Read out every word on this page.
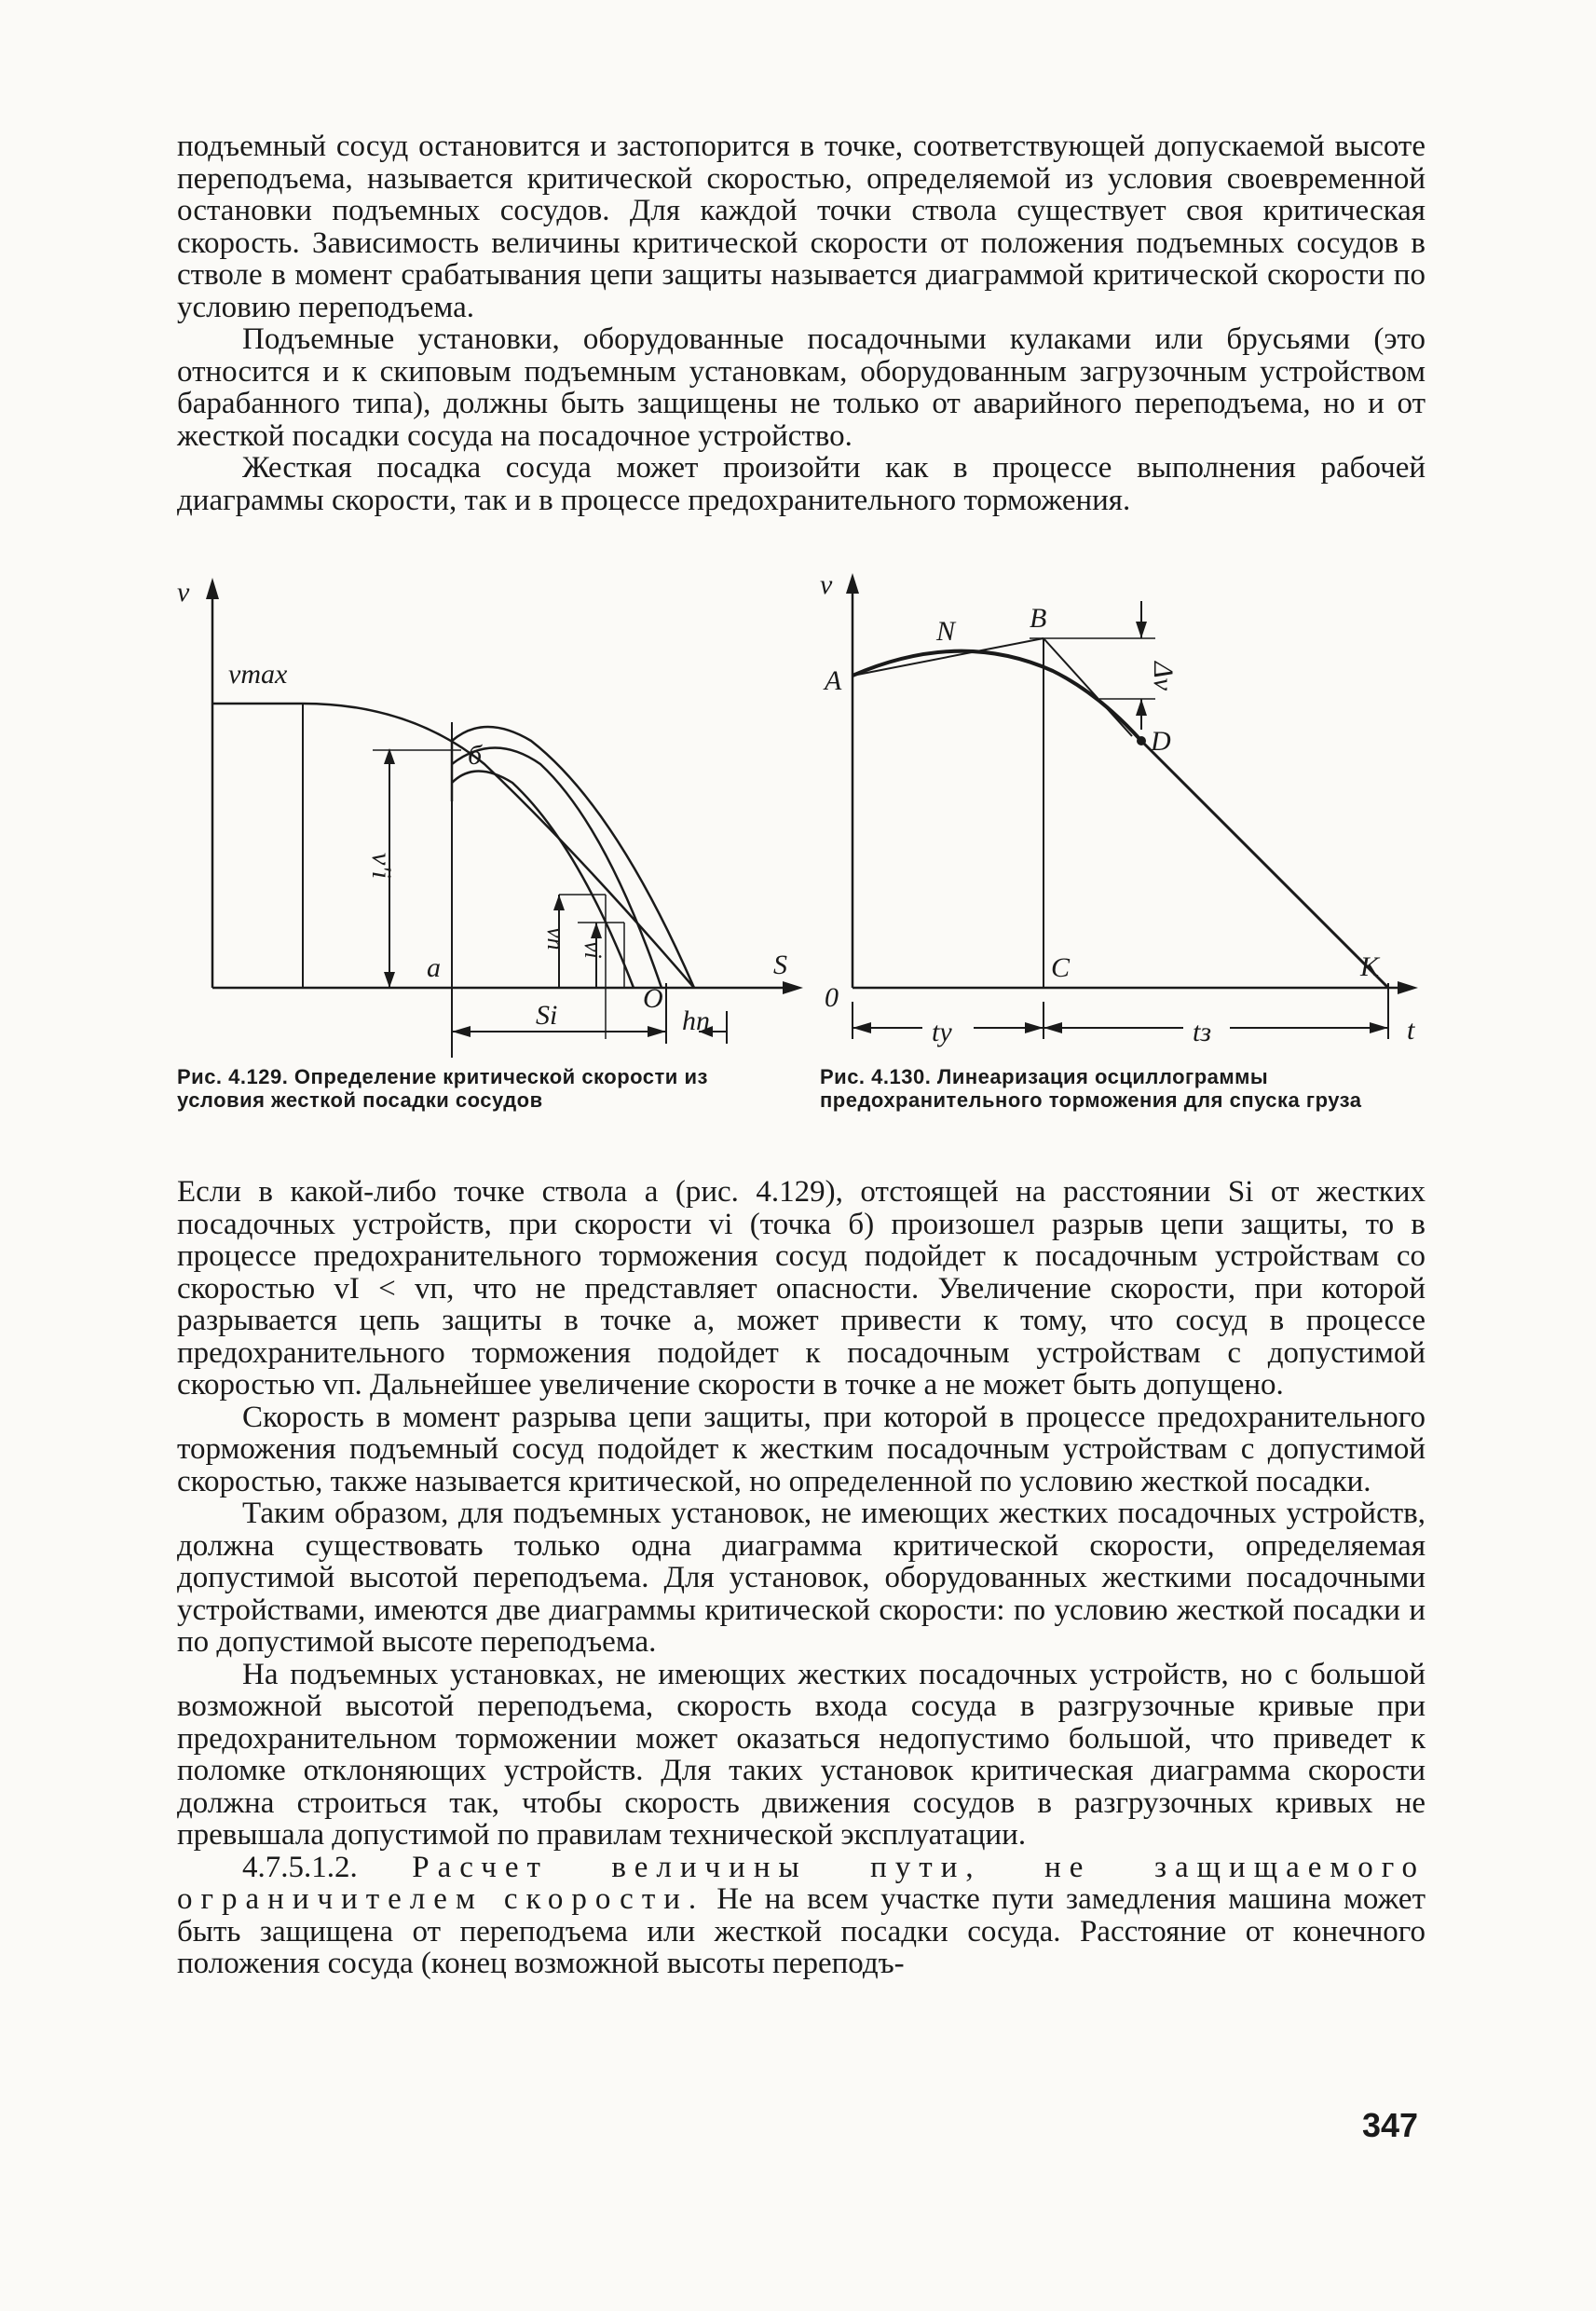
подъемный сосуд остановится и застопорится в точке, соответствующей допускаемой высоте переподъема, называется критической скоростью, определяемой из условия своевременной остановки подъемных сосудов. Для каждой точки ствола существует своя критическая скорость. Зависимость величины критической скорости от положения подъемных сосудов в стволе в момент срабатывания цепи защиты называется диаграммой критической скорости по условию переподъема.

Подъемные установки, оборудованные посадочными кулаками или брусьями (это относится и к скиповым подъемным установкам, оборудованным загрузочным устройством барабанного типа), должны быть защищены не только от аварийного переподъема, но и от жесткой посадки сосуда на посадочное устройство.

Жесткая посадка сосуда может произойти как в процессе выполнения рабочей диаграммы скорости, так и в процессе предохранительного торможения.

v
vmax
v'i
б
a
vп vi
O
S
Si	hп
Рис. 4.129. Определение критической скорости из условия жесткой посадки сосудов
v
N	B
Δv
A
D
C
0
K
t
tу	tз
Рис. 4.130. Линеаризация осциллограммы предохранительного торможения для спуска груза

Если в какой-либо точке ствола a (рис. 4.129), отстоящей на расстоянии Si от жестких посадочных устройств, при скорости vi (точка б) произошел разрыв цепи защиты, то в процессе предохранительного торможения сосуд подойдет к посадочным устройствам со скоростью vI < vп, что не представляет опасности. Увеличение скорости, при которой разрывается цепь защиты в точке a, может привести к тому, что сосуд в процессе предохранительного торможения подойдет к посадочным устройствам с допустимой скоростью vп. Дальнейшее увеличение скорости в точке a не может быть допущено.

Скорость в момент разрыва цепи защиты, при которой в процессе предохранительного торможения подъемный сосуд подойдет к жестким посадочным устройствам с допустимой скоростью, также называется критической, но определенной по условию жесткой посадки.

Таким образом, для подъемных установок, не имеющих жестких посадочных устройств, должна существовать только одна диаграмма критической скорости, определяемая допустимой высотой переподъема. Для установок, оборудованных жесткими посадочными устройствами, имеются две диаграммы критической скорости: по условию жесткой посадки и по допустимой высоте переподъема.

На подъемных установках, не имеющих жестких посадочных устройств, но с большой возможной высотой переподъема, скорость входа сосуда в разгрузочные кривые при предохранительном торможении может оказаться недопустимо большой, что приведет к поломке отклоняющих устройств. Для таких установок критическая диаграмма скорости должна строиться так, чтобы скорость движения сосудов в разгрузочных кривых не превышала допустимой по правилам технической эксплуатации.

4.7.5.1.2. Расчет величины пути, не защищаемого ограничителем скорости. Не на всем участке пути замедления машина может быть защищена от переподъема или жесткой посадки сосуда. Расстояние от конечного положения сосуда (конец возможной высоты переподъ-

347
